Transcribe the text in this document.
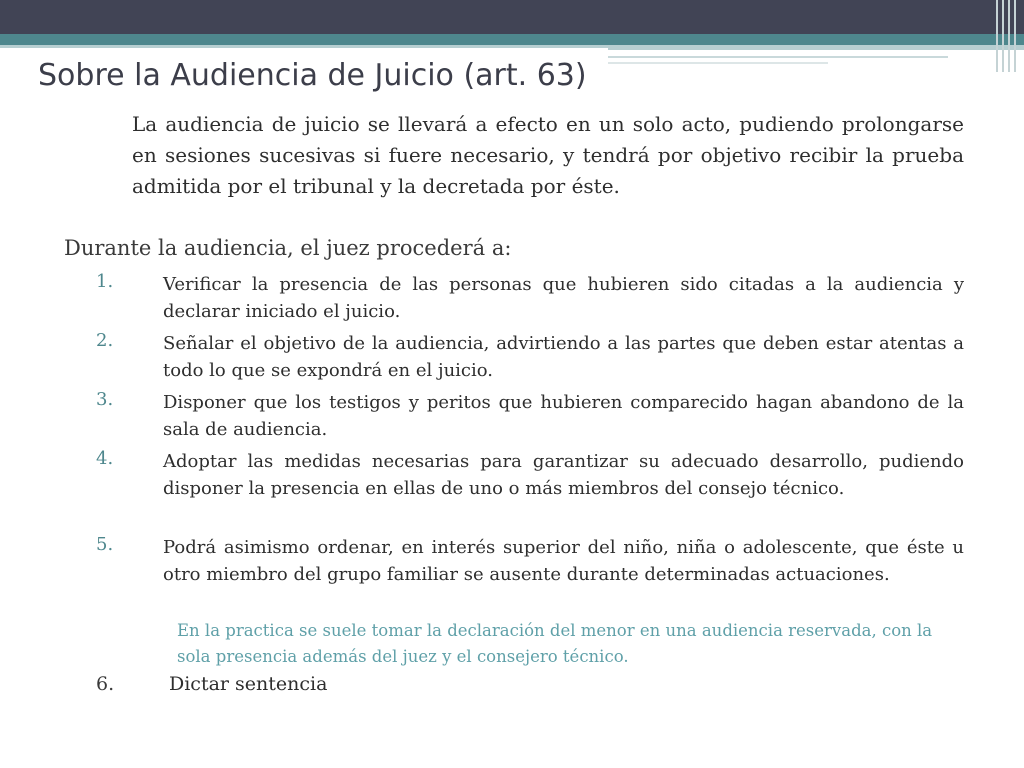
Sobre la Audiencia de Juicio (art. 63)

La audiencia de juicio se llevará a efecto en un solo acto, pudiendo prolongarse en sesiones sucesivas si fuere necesario, y tendrá por objetivo recibir la prueba admitida por el tribunal y la decretada por éste.

Durante la audiencia, el juez procederá a:

1.	Verificar la presencia de las personas que hubieren sido citadas a la audiencia y declarar iniciado el juicio.
2.	Señalar el objetivo de la audiencia, advirtiendo a las partes que deben estar atentas a todo lo que se expondrá en el juicio.
3.	Disponer que los testigos y peritos que hubieren comparecido hagan abandono de la sala de audiencia.
4.	Adoptar las medidas necesarias para garantizar su adecuado desarrollo, pudiendo disponer la presencia en ellas de uno o más miembros del consejo técnico.
5.	Podrá asimismo ordenar, en interés superior del niño, niña o adolescente, que éste u otro miembro del grupo familiar se ausente durante determinadas actuaciones.

En la practica se suele tomar la declaración del menor en una audiencia reservada, con la sola presencia además del juez y el consejero técnico.

6.	Dictar sentencia
